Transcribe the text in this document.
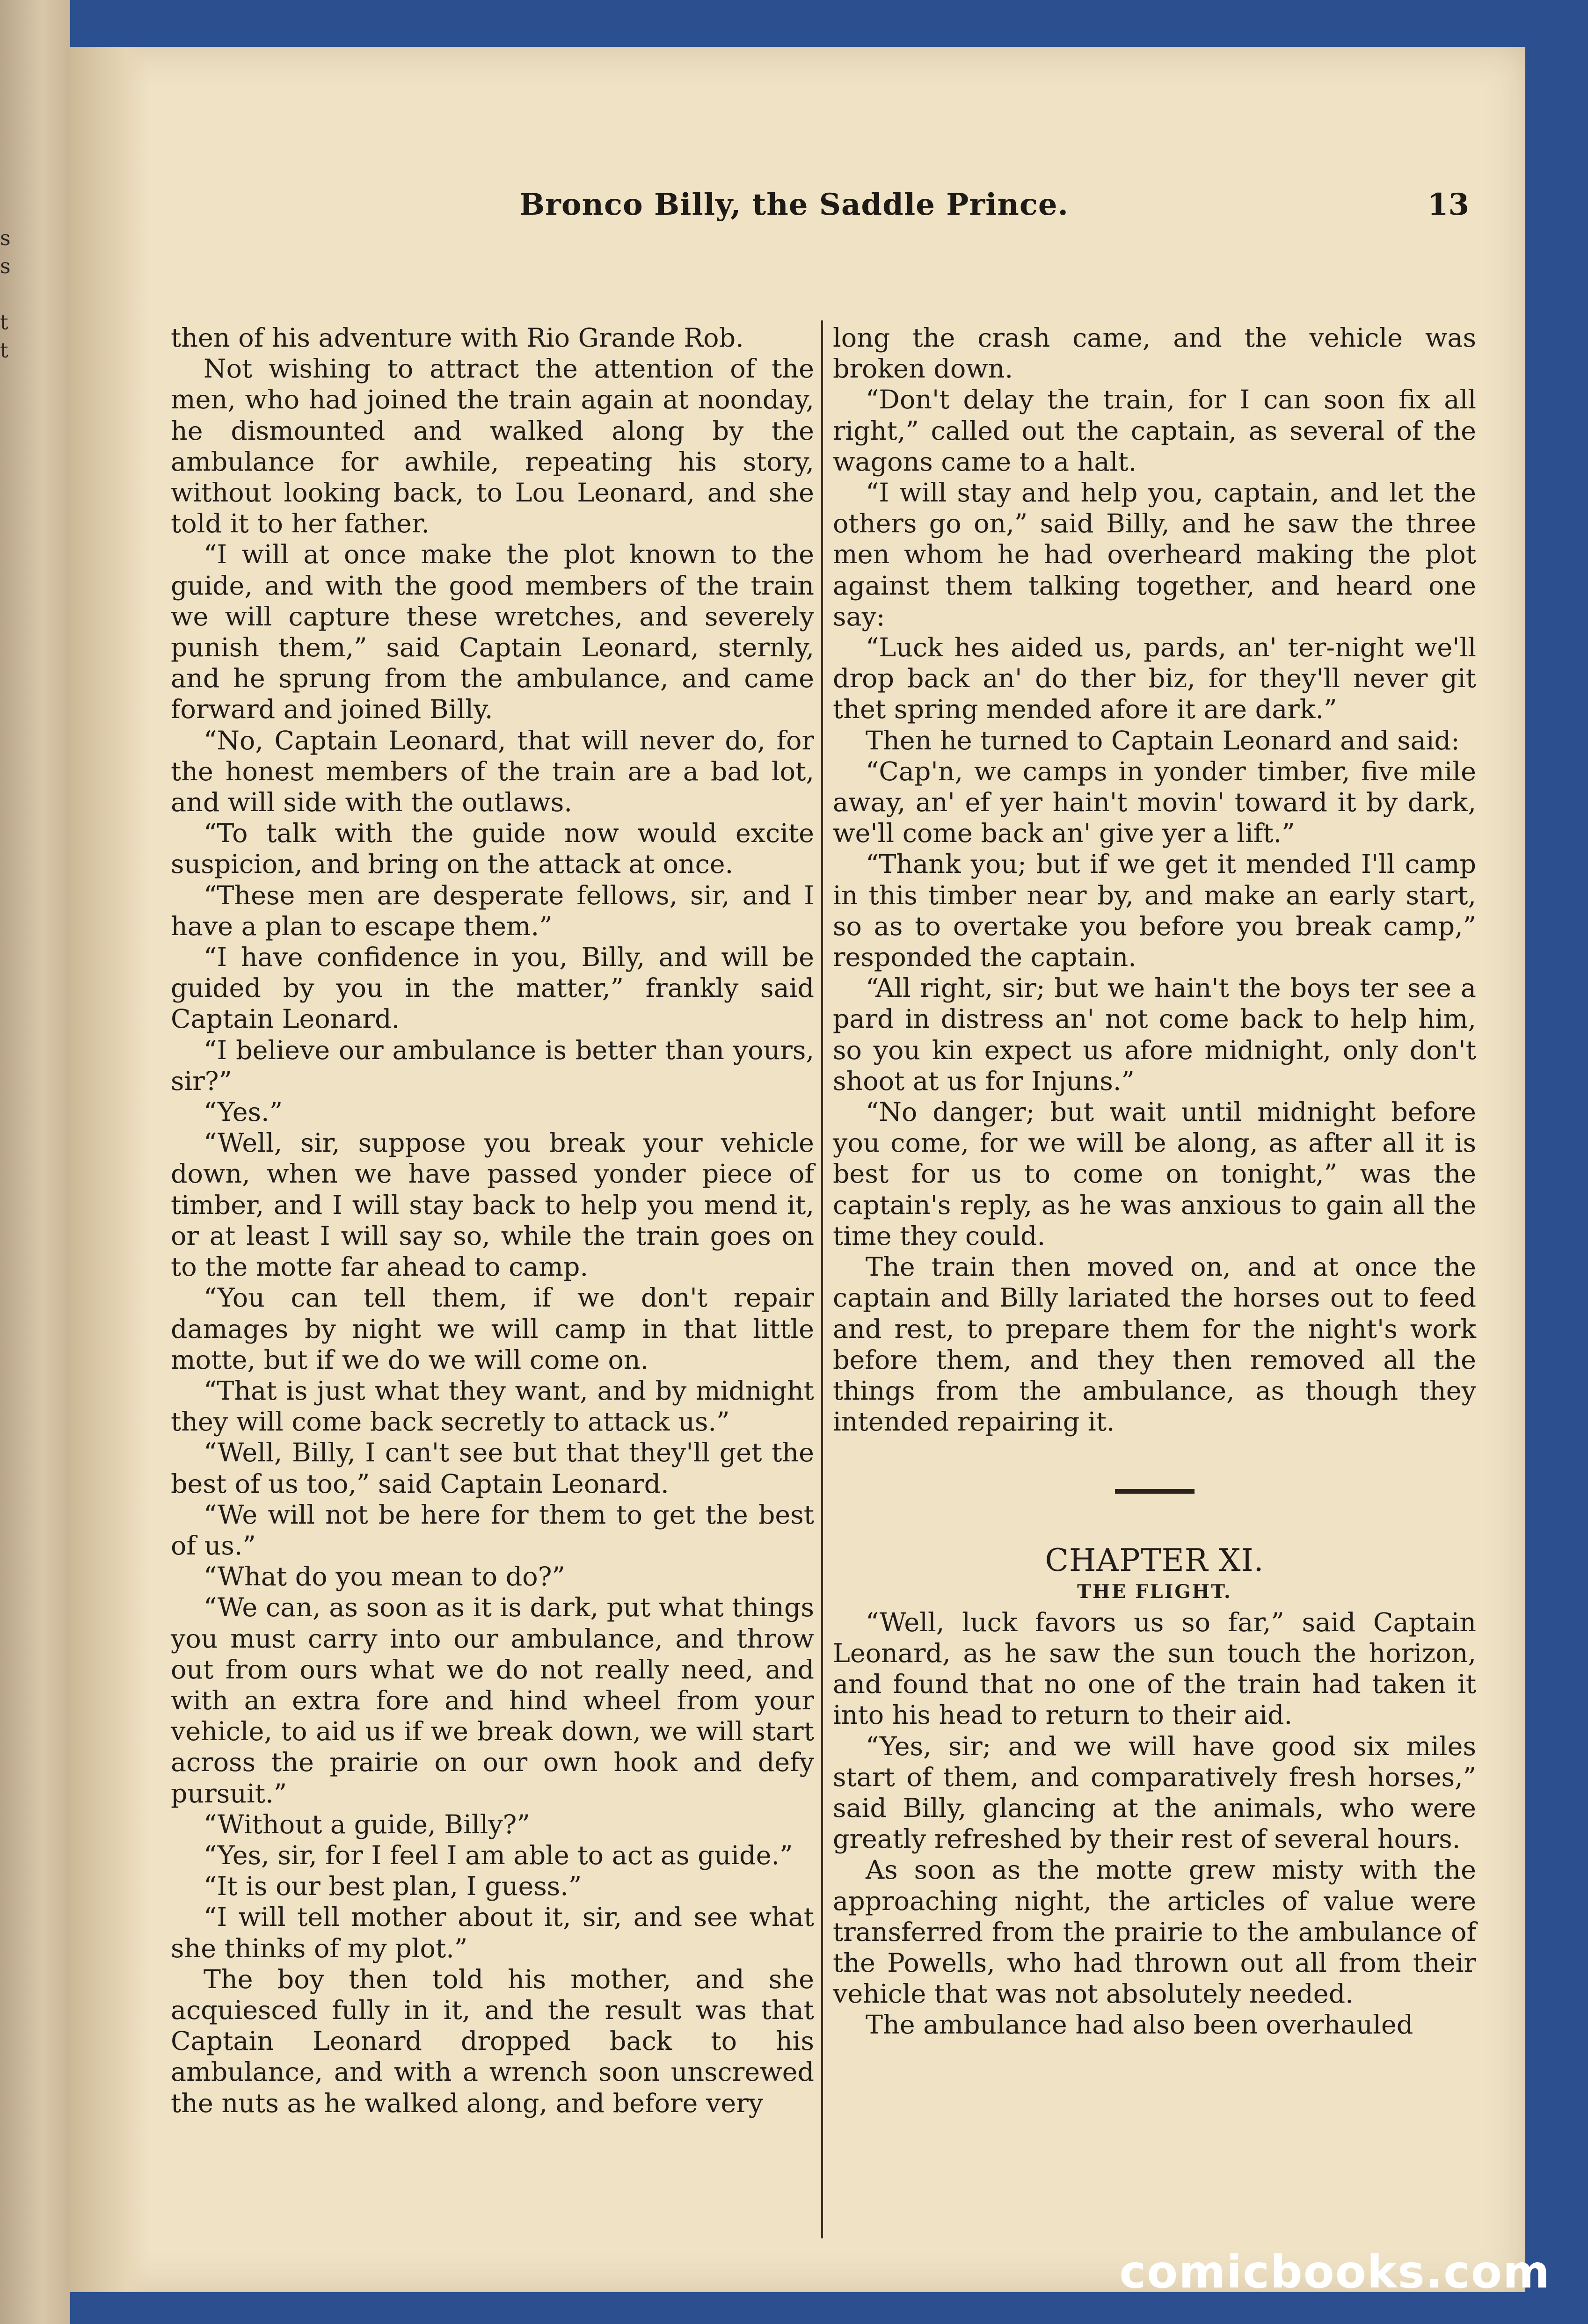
s
s

t
t
Bronco Billy, the Saddle Prince.	13

then of his adventure with Rio Grande Rob.

Not wishing to attract the attention of the men, who had joined the train again at noonday, he dismounted and walked along by the ambulance for awhile, repeating his story, without looking back, to Lou Leonard, and she told it to her father.

“I will at once make the plot known to the guide, and with the good members of the train we will capture these wretches, and severely punish them,” said Captain Leonard, sternly, and he sprung from the ambulance, and came forward and joined Billy.

“No, Captain Leonard, that will never do, for the honest members of the train are a bad lot, and will side with the outlaws.

“To talk with the guide now would excite suspicion, and bring on the attack at once.

“These men are desperate fellows, sir, and I have a plan to escape them.”

“I have confidence in you, Billy, and will be guided by you in the matter,” frankly said Captain Leonard.

“I believe our ambulance is better than yours, sir?”

“Yes.”

“Well, sir, suppose you break your vehicle down, when we have passed yonder piece of timber, and I will stay back to help you mend it, or at least I will say so, while the train goes on to the motte far ahead to camp.

“You can tell them, if we don't repair damages by night we will camp in that little motte, but if we do we will come on.

“That is just what they want, and by midnight they will come back secretly to attack us.”

“Well, Billy, I can't see but that they'll get the best of us too,” said Captain Leonard.

“We will not be here for them to get the best of us.”

“What do you mean to do?”

“We can, as soon as it is dark, put what things you must carry into our ambulance, and throw out from ours what we do not really need, and with an extra fore and hind wheel from your vehicle, to aid us if we break down, we will start across the prairie on our own hook and defy pursuit.”

“Without a guide, Billy?”

“Yes, sir, for I feel I am able to act as guide.”

“It is our best plan, I guess.”

“I will tell mother about it, sir, and see what she thinks of my plot.”

The boy then told his mother, and she acquiesced fully in it, and the result was that Captain Leonard dropped back to his ambulance, and with a wrench soon unscrewed the nuts as he walked along, and before very

long the crash came, and the vehicle was broken down.

“Don't delay the train, for I can soon fix all right,” called out the captain, as several of the wagons came to a halt.

“I will stay and help you, captain, and let the others go on,” said Billy, and he saw the three men whom he had overheard making the plot against them talking together, and heard one say:

“Luck hes aided us, pards, an' ter-night we'll drop back an' do ther biz, for they'll never git thet spring mended afore it are dark.”

Then he turned to Captain Leonard and said:

“Cap'n, we camps in yonder timber, five mile away, an' ef yer hain't movin' toward it by dark, we'll come back an' give yer a lift.”

“Thank you; but if we get it mended I'll camp in this timber near by, and make an early start, so as to overtake you before you break camp,” responded the captain.

“All right, sir; but we hain't the boys ter see a pard in distress an' not come back to help him, so you kin expect us afore midnight, only don't shoot at us for Injuns.”

“No danger; but wait until midnight before you come, for we will be along, as after all it is best for us to come on tonight,” was the captain's reply, as he was anxious to gain all the time they could.

The train then moved on, and at once the captain and Billy lariated the horses out to feed and rest, to prepare them for the night's work before them, and they then removed all the things from the ambulance, as though they intended repairing it.

CHAPTER XI.

THE FLIGHT.

“Well, luck favors us so far,” said Captain Leonard, as he saw the sun touch the horizon, and found that no one of the train had taken it into his head to return to their aid.

“Yes, sir; and we will have good six miles start of them, and comparatively fresh horses,” said Billy, glancing at the animals, who were greatly refreshed by their rest of several hours.

As soon as the motte grew misty with the approaching night, the articles of value were transferred from the prairie to the ambulance of the Powells, who had thrown out all from their vehicle that was not absolutely needed.

The ambulance had also been overhauled

comicbooks.com
